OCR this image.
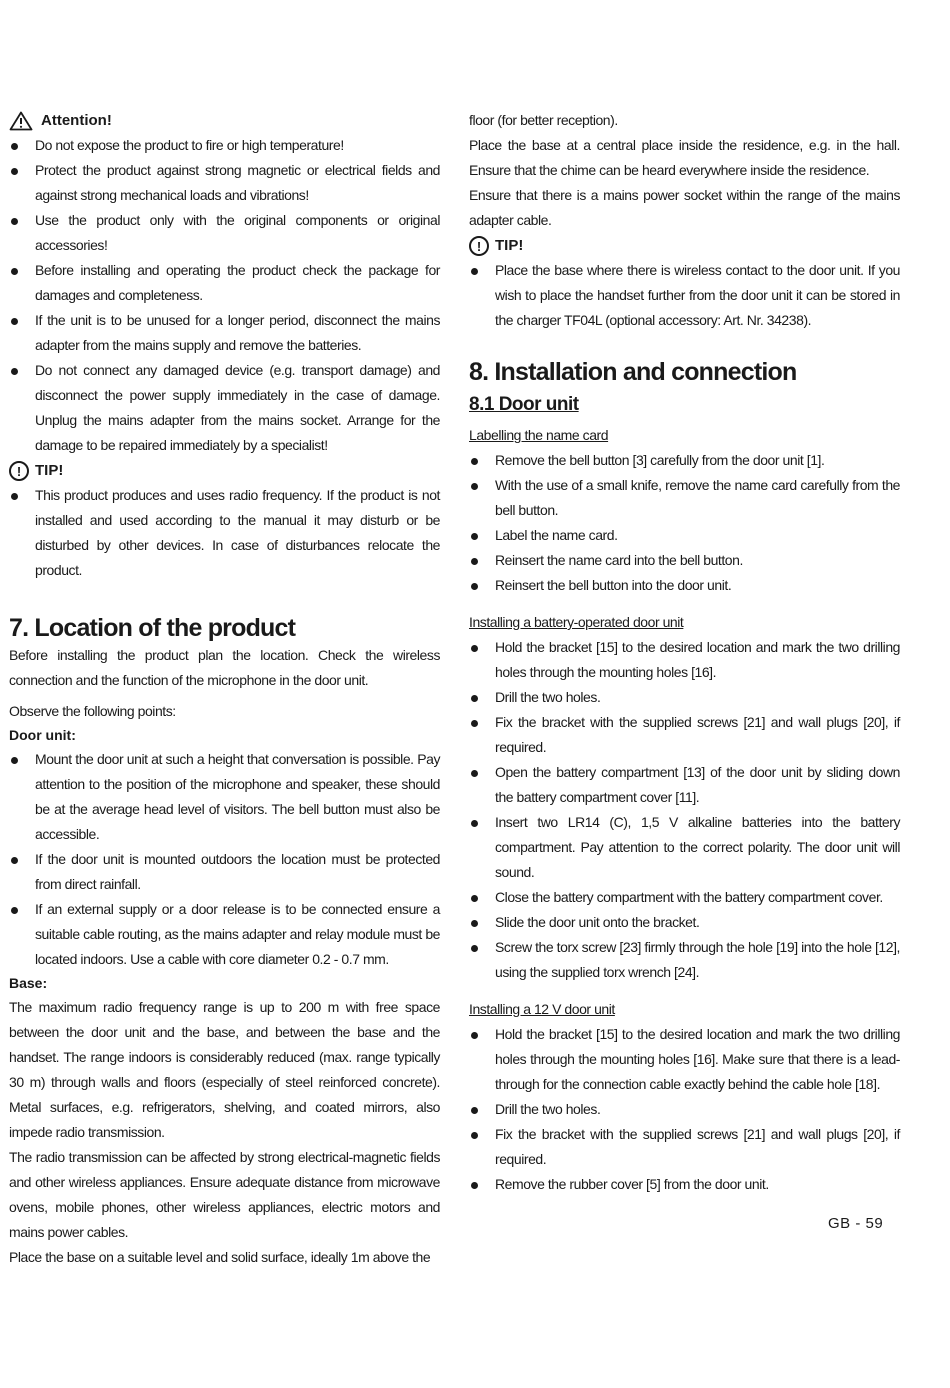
Attention!
Do not expose the product to fire or high temperature!
Protect the product against strong magnetic or electrical fields and against strong mechanical loads and vibrations!
Use the product only with the original components or original accessories!
Before installing and operating the product check the package for damages and completeness.
If the unit is to be unused for a longer period, disconnect the mains adapter from the mains supply and remove the batteries.
Do not connect any damaged device (e.g. transport damage) and disconnect the power supply immediately in the case of damage. Unplug the mains adapter from the mains socket. Arrange for the damage to be repaired immediately by a specialist!
! TIP!
This product produces and uses radio frequency. If the product is not installed and used according to the manual it may disturb or be disturbed by other devices. In case of disturbances relocate the product.
7. Location of the product

Before installing the product plan the location. Check the wireless connection and the function of the microphone in the door unit.

Observe the following points:

Door unit:

Mount the door unit at such a height that conversation is possible. Pay attention to the position of the microphone and speaker, these should be at the average head level of visitors. The bell button must also be accessible.
If the door unit is mounted outdoors the location must be protected from direct rainfall.
If an external supply or a door release is to be connected ensure a suitable cable routing, as the mains adapter and relay module must be located indoors. Use a cable with core diameter 0.2 - 0.7 mm.

Base:

The maximum radio frequency range is up to 200 m with free space between the door unit and the base, and between the base and the handset. The range indoors is considerably reduced (max. range typically 30 m) through walls and floors (especially of steel reinforced concrete). Metal surfaces, e.g. refrigerators, shelving, and coated mirrors, also impede radio transmission.

The radio transmission can be affected by strong electrical-magnetic fields and other wireless appliances. Ensure adequate distance from microwave ovens, mobile phones, other wireless appliances, electric motors and mains power cables.

Place the base on a suitable level and solid surface, ideally 1m above the

floor (for better reception).

Place the base at a central place inside the residence, e.g. in the hall. Ensure that the chime can be heard everywhere inside the residence.

Ensure that there is a mains power socket within the range of the mains adapter cable.

! TIP!
Place the base where there is wireless contact to the door unit. If you wish to place the handset further from the door unit it can be stored in the charger TF04L (optional accessory: Art. Nr. 34238).
8. Installation and connection
8.1 Door unit

Labelling the name card

Remove the bell button [3] carefully from the door unit [1].
With the use of a small knife, remove the name card carefully from the bell button.
Label the name card.
Reinsert the name card into the bell button.
Reinsert the bell button into the door unit.

Installing a battery-operated door unit

Hold the bracket [15] to the desired location and mark the two drilling holes through the mounting holes [16].
Drill the two holes.
Fix the bracket with the supplied screws [21] and wall plugs [20], if required.
Open the battery compartment [13] of the door unit by sliding down the battery compartment cover [11].
Insert two LR14 (C), 1,5 V alkaline batteries into the battery compartment. Pay attention to the correct polarity. The door unit will sound.
Close the battery compartment with the battery compartment cover.
Slide the door unit onto the bracket.
Screw the torx screw [23] firmly through the hole [19] into the hole [12], using the supplied torx wrench [24].

Installing a 12 V door unit

Hold the bracket [15] to the desired location and mark the two drilling holes through the mounting holes [16]. Make sure that there is a lead-through for the connection cable exactly behind the cable hole [18].
Drill the two holes.
Fix the bracket with the supplied screws [21] and wall plugs [20], if required.
Remove the rubber cover [5] from the door unit.
GB - 59
